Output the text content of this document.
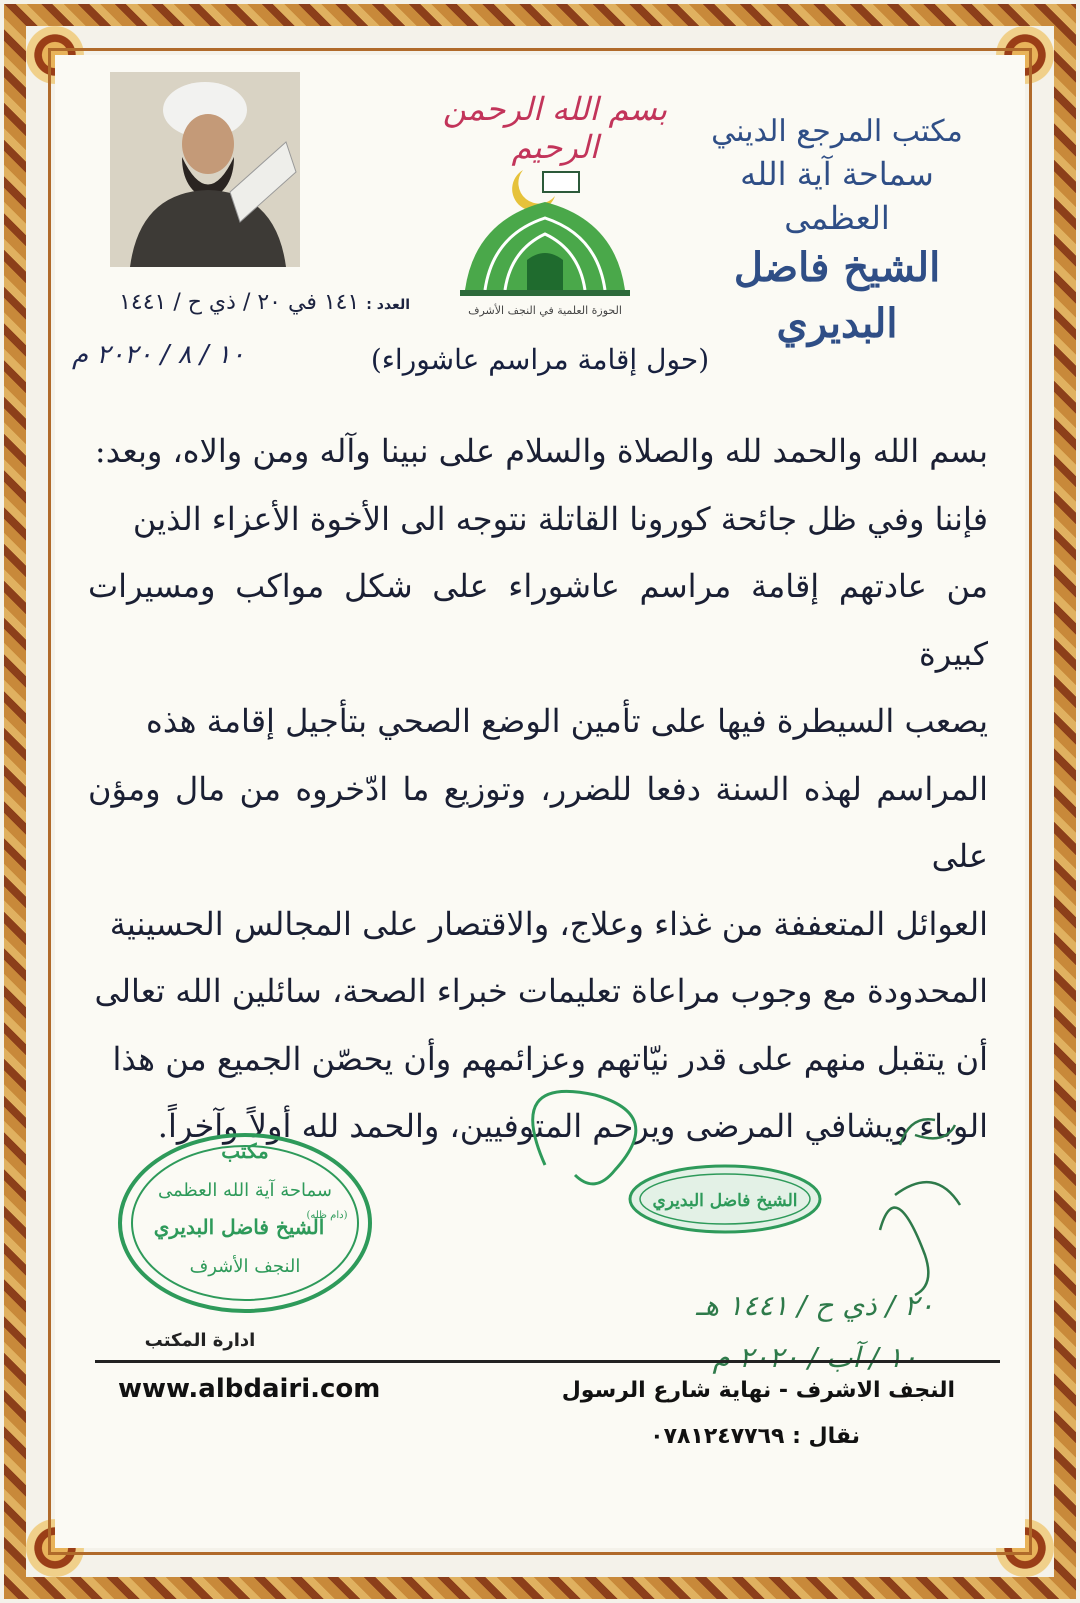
مكتب المرجع الديني
سماحة آية الله العظمى
الشيخ فاضل البديري
بسم الله الرحمن الرحيم
الحوزة العلمية في النجف الأشرف
العدد : ١٤١ في ٢٠ / ذي ح / ١٤٤١
١٠ / ٨ / ٢٠٢٠ م	(حول إقامة مراسم عاشوراء)

بسم الله والحمد لله والصلاة والسلام على نبينا وآله ومن والاه، وبعد:

فإننا وفي ظل جائحة كورونا القاتلة نتوجه الى الأخوة الأعزاء الذين

من عادتهم إقامة مراسم عاشوراء على شكل مواكب ومسيرات كبيرة

يصعب السيطرة فيها على تأمين الوضع الصحي بتأجيل إقامة هذه

المراسم لهذه السنة دفعا للضرر، وتوزيع ما ادّخروه من مال ومؤن على

العوائل المتعففة من غذاء وعلاج، والاقتصار على المجالس الحسينية

المحدودة مع وجوب مراعاة تعليمات خبراء الصحة، سائلين الله تعالى

أن يتقبل منهم على قدر نيّاتهم وعزائمهم وأن يحصّن الجميع من هذا

الوباء ويشافي المرضى ويرحم المتوفيين، والحمد لله أولاً وآخراً.

مكتب
سماحة آية الله العظمى
الشيخ فاضل البديري
(دام ظله)
النجف الأشرف
ادارة المكتب
٢٠ / ذي ح / ١٤٤١ هـ
١٠ / آب / ٢٠٢٠ م
الشيخ فاضل البديري
www.albdairi.com	النجف الاشرف - نهاية شارع الرسول
نقال : ٠٧٨١٢٤٧٧٦٩
